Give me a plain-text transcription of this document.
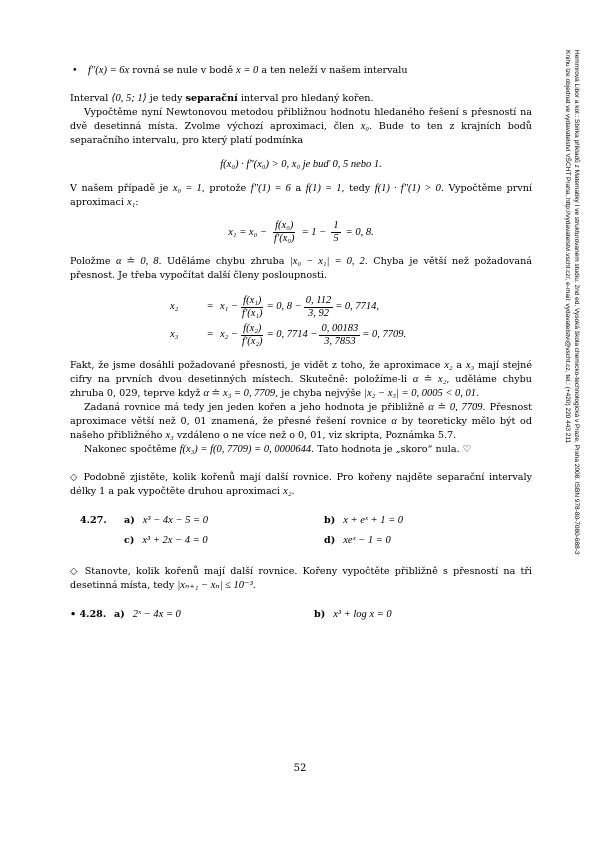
• f″(x) = 6x rovná se nule v bodě x = 0 a ten neleží v našem intervalu

Interval ⟨0, 5; 1⟩ je tedy separační interval pro hledaný kořen.

Vypočtěme nyní Newtonovou metodou přibližnou hodnotu hledaného řešení s přesností na dvě desetinná místa. Zvolme výchozí aproximaci, člen x₀. Bude to ten z krajních bodů separačního intervalu, pro který platí podmínka

f(x₀) · f″(x₀) > 0, x₀ je buď 0, 5 nebo 1.

V našem případě je x₀ = 1, protože f″(1) = 6 a f(1) = 1, tedy f(1) · f″(1) > 0. Vypočtěme první aproximaci x₁:

$x_1 = x_0 - \frac{\text{f(x₀)}}{\text{f′(x₀)}} = 1 - \frac{1}{5} = 0$, 8.

Položme α ≐ 0, 8. Uděláme chybu zhruba |x₀ − x₁| = 0, 2. Chyba je větší než požadovaná přesnost. Je třeba vypočítat další členy posloupnosti.

x₂	= $x_1 - \frac{\text{f(x₁)}}{\text{f′(x₁)}} = 0$, $8 - \frac{0, 112}{3, 92} = 0$, 7714,
x₃	= $x_2 - \frac{\text{f(x₂)}}{\text{f′(x₂)}} = 0$, $7714 - \frac{0, 00183}{3, 7853} = 0$, 7709.

Fakt, že jsme dosáhli požadované přesnosti, je vidět z toho, že aproximace x₂ a x₃ mají stejné cifry na prvních dvou desetinných místech. Skutečně: položíme-li α ≐ x₂, uděláme chybu zhruba 0, 029, teprve když α ≐ x₃ = 0, 7709, je chyba nejvýše |x₂ − x₃| = 0, 0005 < 0, 01.

Zadaná rovnice má tedy jen jeden kořen a jeho hodnota je přibližně α ≐ 0, 7709. Přesnost aproximace větší než 0, 01 znamená, že přesné řešení rovnice α by teoreticky mělo být od našeho přibližného x₃ vzdáleno o ne více než o 0, 01, viz skripta, Poznámka 5.7.

Nakonec spočtěme f(x₃) = f(0, 7709) = 0, 0000644. Tato hodnota je „skoro“ nula. ♡

◇ Podobně zjistěte, kolik kořenů mají další rovnice. Pro kořeny najděte separační intervaly délky 1 a pak vypočtěte druhou aproximaci x₂.

4.27.	a) x³ − 4x − 5 = 0	b) x + eˣ + 1 = 0
c) x³ + 2x − 4 = 0	d) xeˣ − 1 = 0

◇ Stanovte, kolik kořenů mají další rovnice. Kořeny vypočtěte přibližně s přesností na tři desetinná místa, tedy |xₙ₊₁ − xₙ| ≤ 10⁻³.

• 4.28. a) 2ˣ − 4x = 0	b) x³ + log x = 0
52
Hemmrová Libor a kol.: Sbírka příkladů z Matematiky I ve strukturovaném studiu. 2nd ed. Vysoká škola chemicko-technologická v Praze, Praha 2008. ISBN 978-80-7080-688-3
Knihu lze objednat ve vydavatelství VŠCHT Praha, http://vydavatelstvi.vscht.cz/, e-mail: vydavatelstvi@vscht.cz, tel.: (+420) 220 443 211
